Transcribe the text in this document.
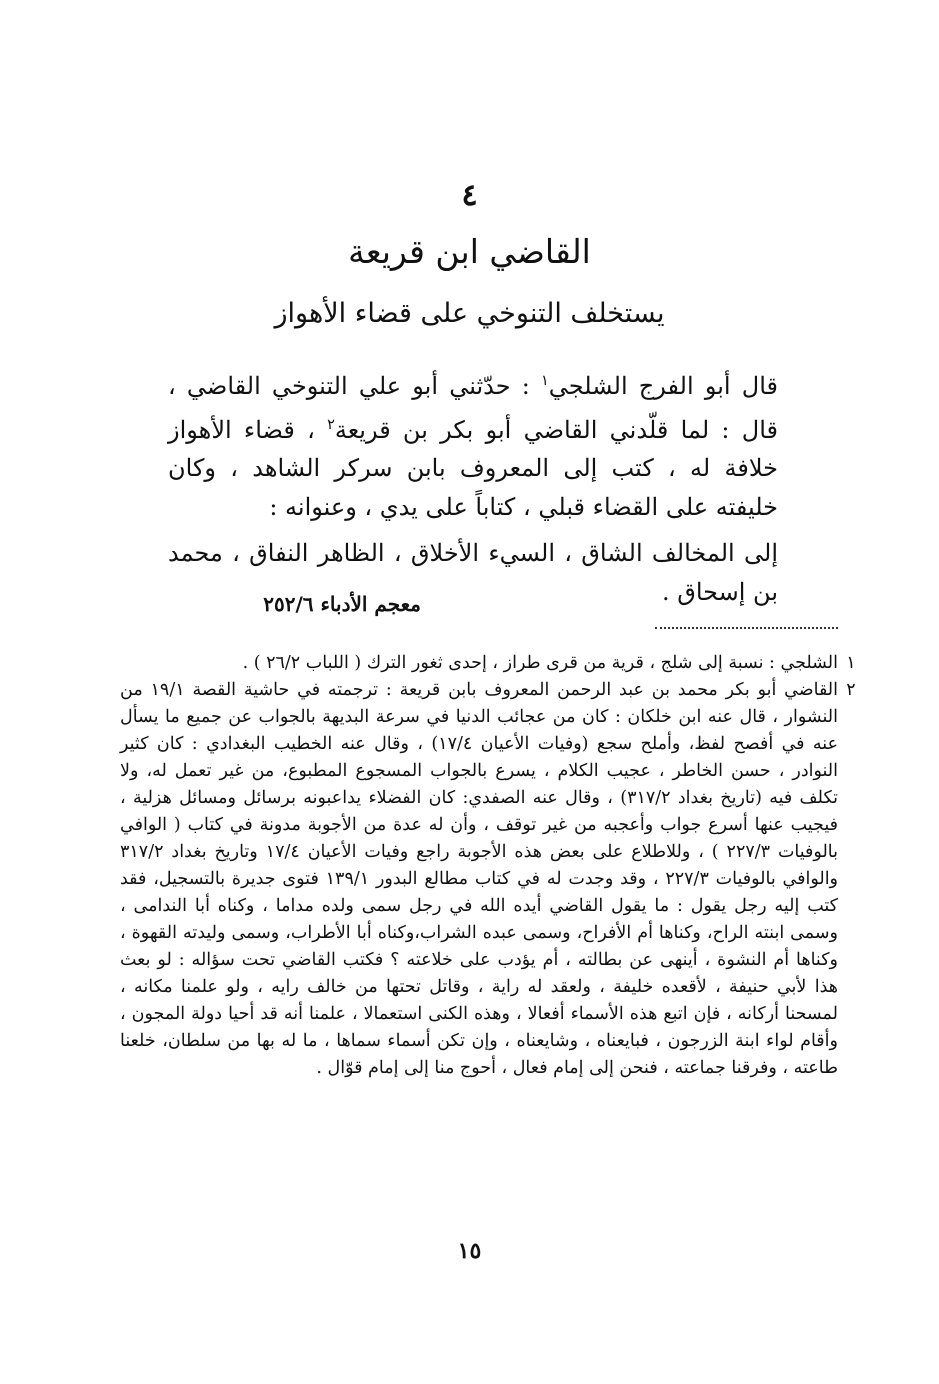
٤
القاضي ابن قريعة
يستخلف التنوخي على قضاء الأهواز

قال أبو الفرج الشلجي$^١$ : حدّثني أبو علي التنوخي القاضي ، قال : لما قلّدني القاضي أبو بكر بن قريعة$^٢$ ، قضاء الأهواز خلافة له ، كتب إلى المعروف بابن سركر الشاهد ، وكان خليفته على القضاء قبلي ، كتاباً على يدي ، وعنوانه :

إلى المخالف الشاق ، السيء الأخلاق ، الظاهر النفاق ، محمد بن إسحاق .

معجم الأدباء ٢٥٢/٦

١
الشلجي : نسبة إلى شلج ، قرية من قرى طراز ، إحدى ثغور الترك ( اللباب ٢٦/٢ ) .

٢
القاضي أبو بكر محمد بن عبد الرحمن المعروف بابن قريعة : ترجمته في حاشية القصة ١٩/١ من النشوار ، قال عنه ابن خلكان : كان من عجائب الدنيا في سرعة البديهة بالجواب عن جميع ما يسأل عنه في أفصح لفظ، وأملح سجع (وفيات الأعيان ١٧/٤) ، وقال عنه الخطيب البغدادي : كان كثير النوادر ، حسن الخاطر ، عجيب الكلام ، يسرع بالجواب المسجوع المطبوع، من غير تعمل له، ولا تكلف فيه (تاريخ بغداد ٣١٧/٢) ، وقال عنه الصفدي: كان الفضلاء يداعبونه برسائل ومسائل هزلية ، فيجيب عنها أسرع جواب وأعجبه من غير توقف ، وأن له عدة من الأجوبة مدونة في كتاب ( الوافي بالوفيات ٢٢٧/٣ ) ، وللاطلاع على بعض هذه الأجوبة راجع وفيات الأعيان ١٧/٤ وتاريخ بغداد ٣١٧/٢ والوافي بالوفيات ٢٢٧/٣ ، وقد وجدت له في كتاب مطالع البدور ١٣٩/١ فتوى جديرة بالتسجيل، فقد كتب إليه رجل يقول : ما يقول القاضي أيده الله في رجل سمى ولده مداما ، وكناه أبا الندامى ، وسمى ابنته الراح، وكناها أم الأفراح، وسمى عبده الشراب،وكناه أبا الأطراب، وسمى وليدته القهوة ، وكناها أم النشوة ، أينهى عن بطالته ، أم يؤدب على خلاعته ؟ فكتب القاضي تحت سؤاله : لو بعث هذا لأبي حنيفة ، لأقعده خليفة ، ولعقد له راية ، وقاتل تحتها من خالف رايه ، ولو علمنا مكانه ، لمسحنا أركانه ، فإن اتبع هذه الأسماء أفعالا ، وهذه الكنى استعمالا ، علمنا أنه قد أحيا دولة المجون ، وأقام لواء ابنة الزرجون ، فبايعناه ، وشايعناه ، وإن تكن أسماء سماها ، ما له بها من سلطان، خلعنا طاعته ، وفرقنا جماعته ، فنحن إلى إمام فعال ، أحوج منا إلى إمام قوّال .

١٥
